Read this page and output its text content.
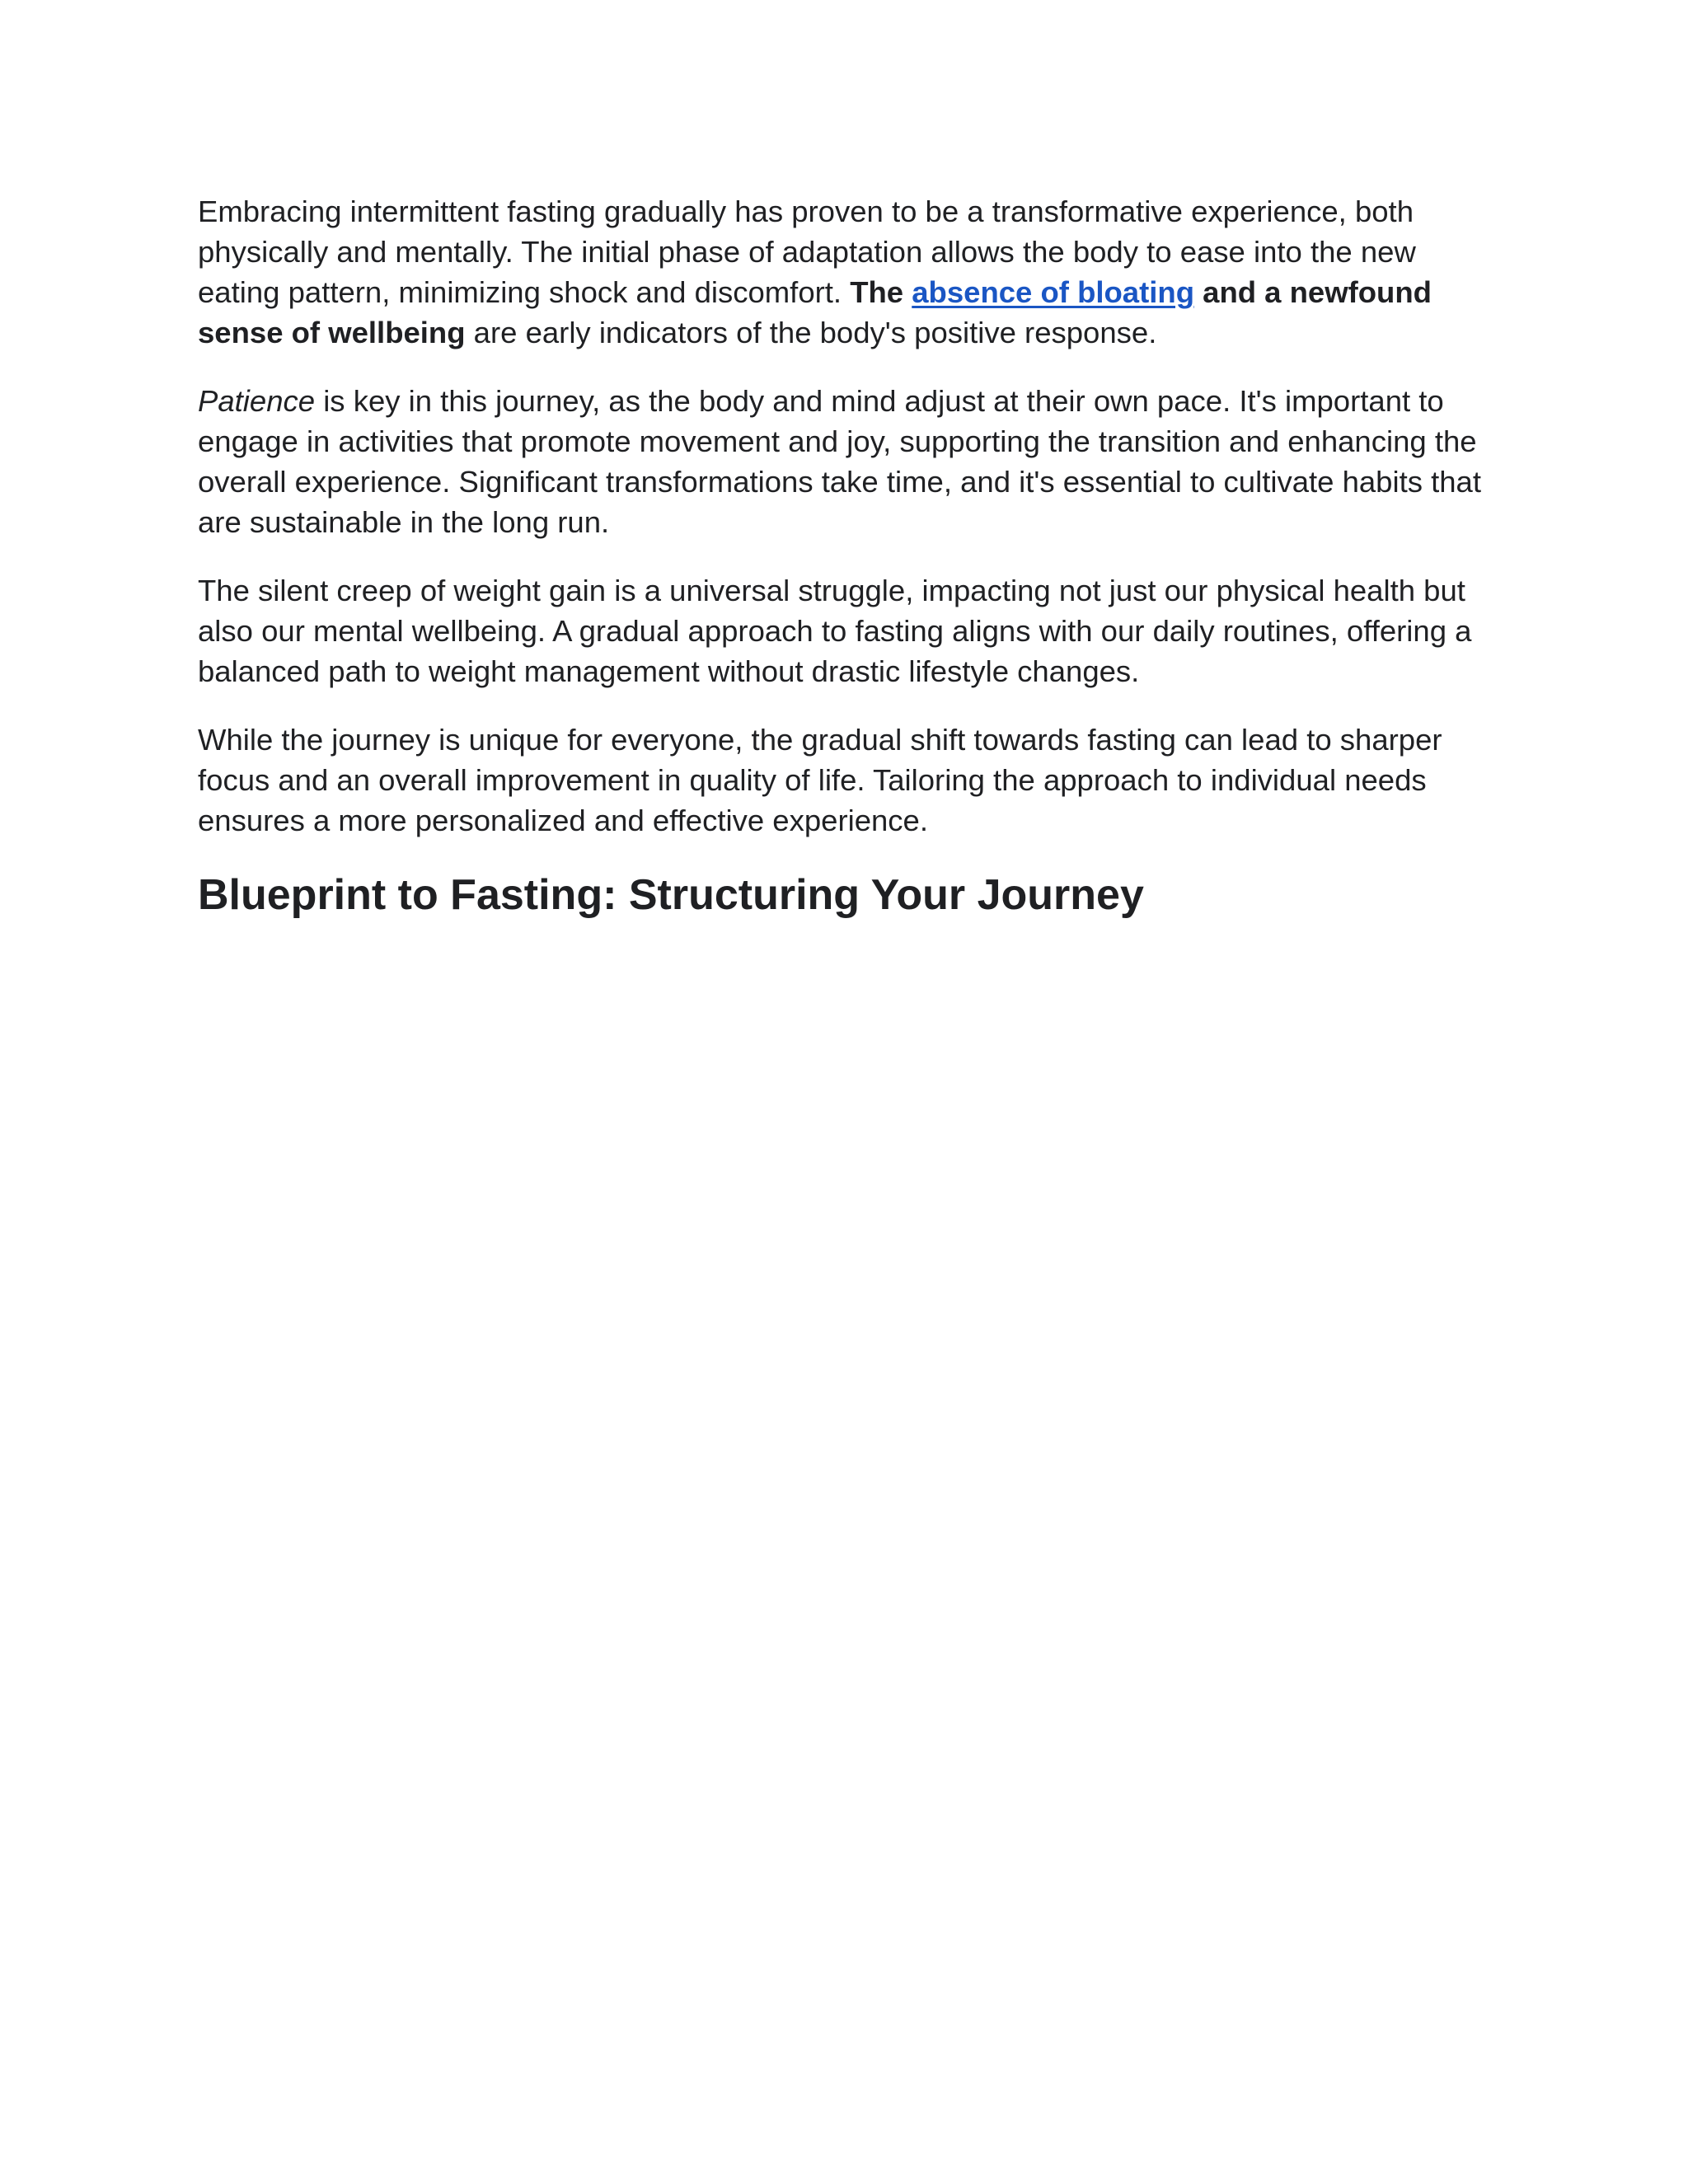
Embracing intermittent fasting gradually has proven to be a transformative experience, both physically and mentally. The initial phase of adaptation allows the body to ease into the new eating pattern, minimizing shock and discomfort. The absence of bloating and a newfound sense of wellbeing are early indicators of the body's positive response.

Patience is key in this journey, as the body and mind adjust at their own pace. It's important to engage in activities that promote movement and joy, supporting the transition and enhancing the overall experience. Significant transformations take time, and it's essential to cultivate habits that are sustainable in the long run.

The silent creep of weight gain is a universal struggle, impacting not just our physical health but also our mental wellbeing. A gradual approach to fasting aligns with our daily routines, offering a balanced path to weight management without drastic lifestyle changes.

While the journey is unique for everyone, the gradual shift towards fasting can lead to sharper focus and an overall improvement in quality of life. Tailoring the approach to individual needs ensures a more personalized and effective experience.

Blueprint to Fasting: Structuring Your Journey
